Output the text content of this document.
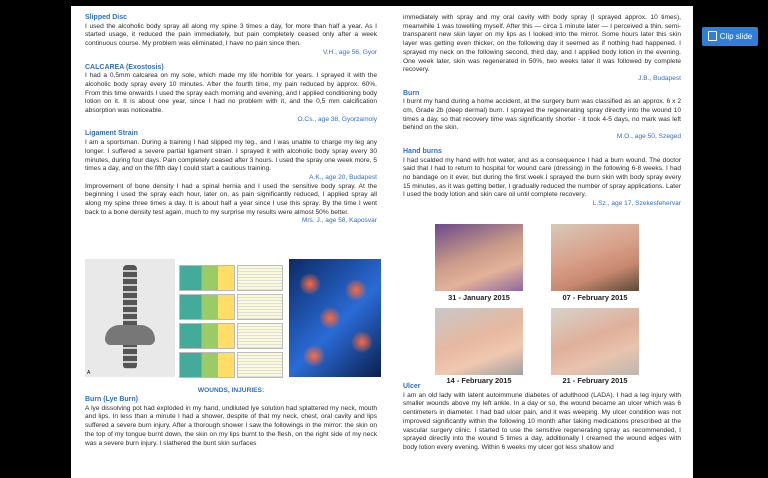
Slipped Disc

I used the alcoholic body spray all along my spine 3 times a day, for more than half a year. As I started usage, it reduced the pain immediately, but pain completely ceased only after a week continuous course. My problem was eliminated, I have no pain since then.

V.H., age 56, Gyor

CALCAREA (Exostosis)

I had a 0,5mm calcarea on my sole, which made my life horrible for years. I sprayed it with the alcoholic body spray every 10 minutes. After the fourth time, my pain reduced by approx. 60%. From this time onwards I used the spray each morning and evening, and I applied conditioning body lotion on it. It is about one year, since I had no problem with it, and the 0,5 mm calcification absorption was noticeable.

O.Cs., age 38, Gyorzamoly

Ligament Strain

I am a sportsman. During a training I had slipped my leg., and I was unable to charge my leg any longer. I suffered a severe partial ligament strain. I sprayed it with alcoholic body spray every 30 minutes, during four days. Pain completely ceased after 3 hours. I used the spray one week more, 5 times a day, and on the fifth day I could start a cautious training.

A.K., age 20, Budapest

Improvement of bone density I had a spinal hernia and I used the sensitive body spray. At the beginning I used the spray each hour, later on, as pain significantly reduced, I applied spray all along my spine three times a day. It is about half a year since I use this spray. By the time I went back to a bone density test again, much to my surprise my results were almost 50% better.

Mrs. J., age 58, Kaposvar

A

WOUNDS, INJURIES:

Burn (Lye Burn)

A lye dissolving pot had exploded in my hand, undiluted lye solution had splattered my neck, mouth and lips. In less than a minute I had a shower, despite of that my neck, chest, oral cavity and lips suffered a severe burn injury. After a thorough shower I saw the followings in the mirror: the skin on the top of my tongue burnt down, the skin on my lips burnt to the flesh, on the right side of my neck was a severe burn injury. I slathered the bunt skin surfaces

immediately with spray and my oral cavity with body spray (I sprayed approx. 10 times), meanwhile 1 was towelling myself. After this — circa 1 minute later — I perceived a thin, semi-transparent new skin layer on my lips as I looked into the mirror. Some hours later this skin layer was getting even thicker, on the following day it seemed as if nothing had happened. I sprayed my neck on the following second, third day, and I applied body lotion in the evening. One week later, skin was regenerated in 50%, two weeks later it was followed by complete recovery.

J.B., Budapest

Burn

I burnt my hand during a home accident, at the surgery burn was classified as an approx. 6 x 2 cm, Grade 2b (deep dermal) burn. I sprayed the regenerating spray directly into the wound 10 times a day, so that recovery time was significantly shorter - it took 4-5 days, no mark was left behind on the skin.

M.O., age 50, Szeged

Hand burns

I had scalded my hand with hot water, and as a consequence I had a burn wound. The doctor said that I had to return to hospital for wound care (dressing) in the following 6-8 weeks. I had no bandage on it ever, but during the first week I sprayed the burn skin with body spray every 15 minutes, as it was getting better, I gradually reduced the number of spray applications. Later I used the body lotion and skin care oil until complete recovery.

L.Sz., age 17, Szekesfehervar

31 - January 2015	07 - February 2015
14 - February 2015	21 - February 2015

Ulcer

I am an old lady with latent autoimmune diabetes of adulthood (LADA). I had a leg injury with smaller wounds above my left ankle. In a day or so, the wound became an ulcer which was 6 centimeters in diameter. I had bad ulcer pain, and it was weeping. My ulcer condition was not improved significantly within the following 10 month after taking medications prescribed at the vascular surgery clinic. I started to use the sensitive regenerating spray as recommended, I sprayed directly into the wound 5 times a day, additionally I creamed the wound edges with body lotion every evening. Within 6 weeks my ulcer got less shallow and

Clip slide
